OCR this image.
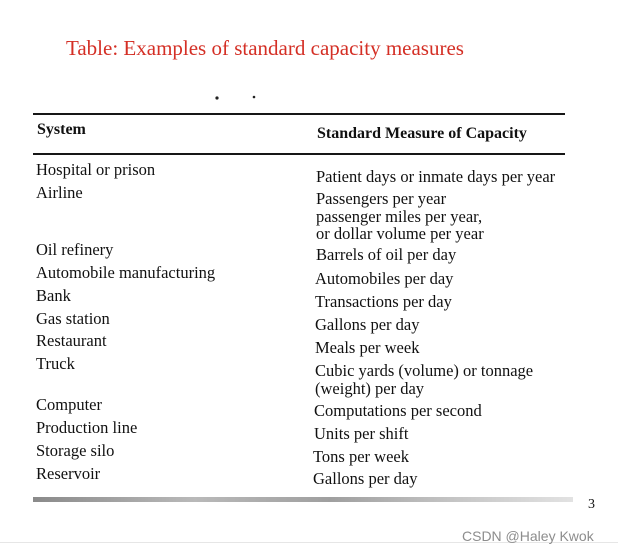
Table: Examples of standard capacity measures
System	Standard Measure of Capacity
Hospital or prison	Patient days or inmate days per year
Airline	Passengers per year
passenger miles per year,
or dollar volume per year
Oil refinery	Barrels of oil per day
Automobile manufacturing	Automobiles per day
Bank	Transactions per day
Gas station	Gallons per day
Restaurant	Meals per week
Truck	Cubic yards (volume) or tonnage
(weight) per day
Computer	Computations per second
Production line	Units per shift
Storage silo	Tons per week
Reservoir	Gallons per day
3
CSDN @Haley Kwok
